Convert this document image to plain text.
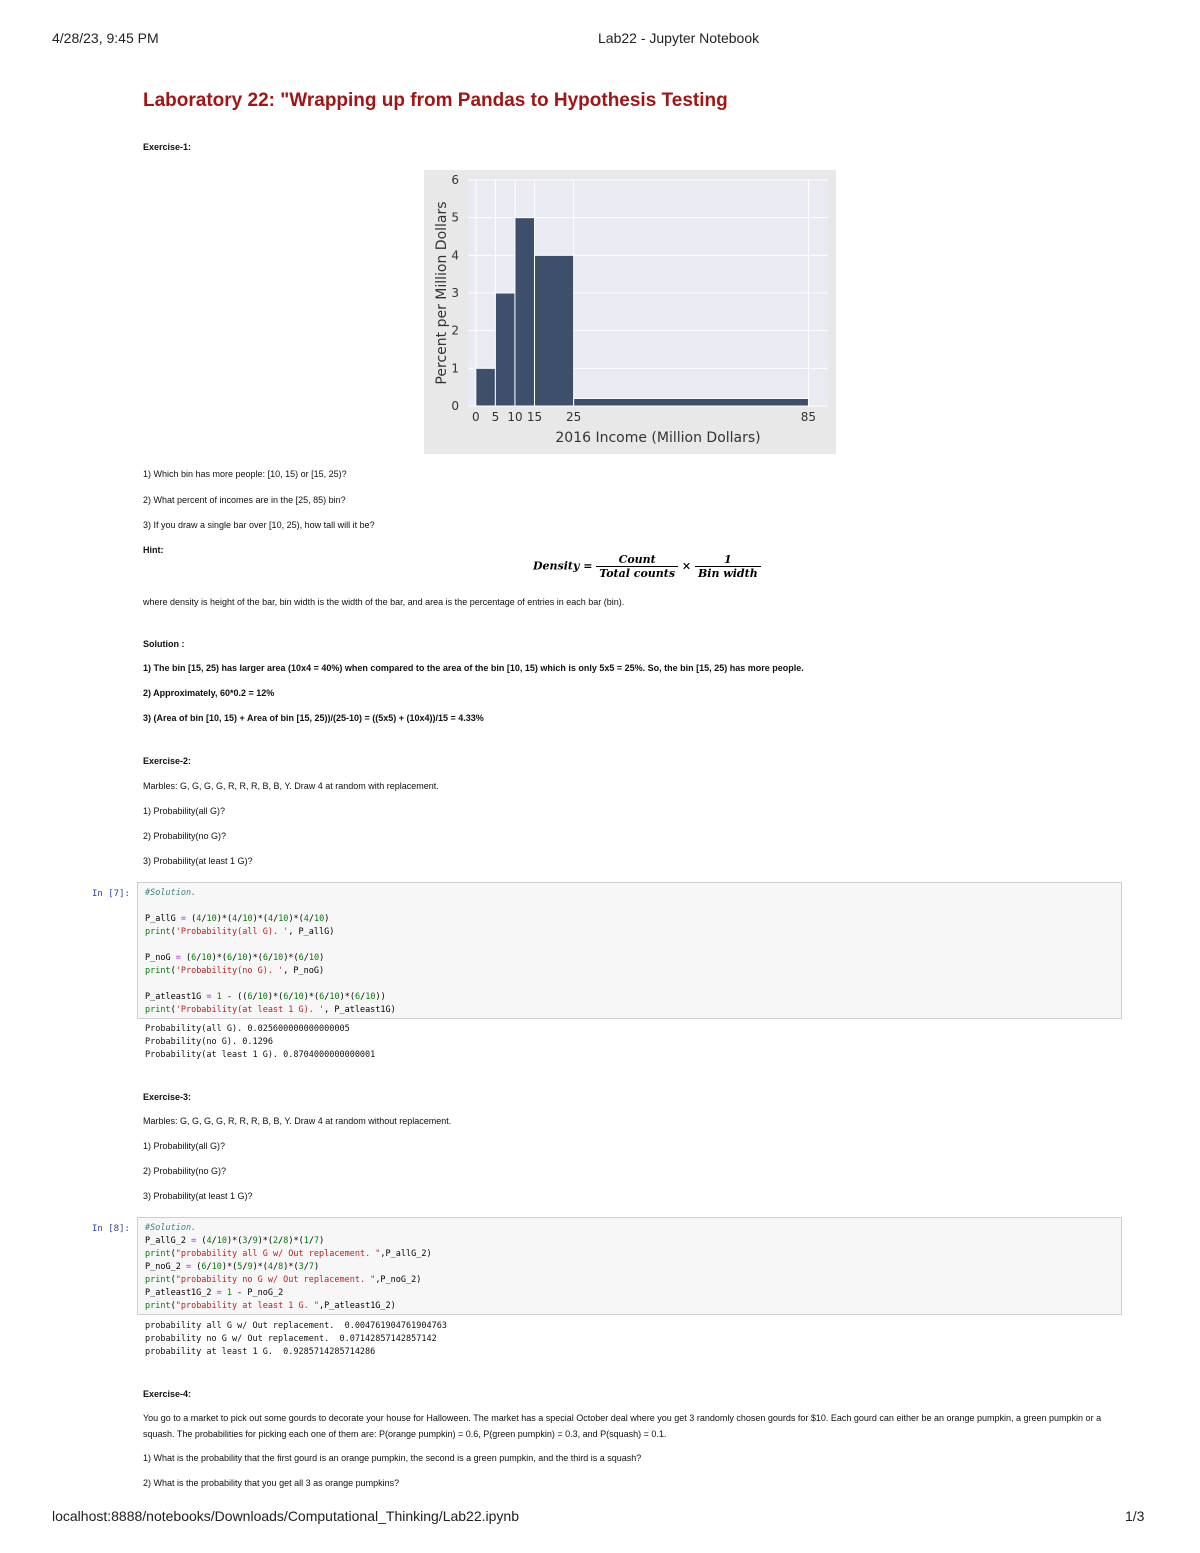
4/28/23, 9:45 PM	Lab22 - Jupyter Notebook
Laboratory 22: "Wrapping up from Pandas to Hypothesis Testing
Exercise-1:
0
1
2
3
4
5
6
0 5 10 15 25	85
2016 Income (Million Dollars)
Percent per Million Dollars
1) Which bin has more people: [10, 15) or [15, 25)?
2) What percent of incomes are in the [25, 85) bin?
3) If you draw a single bar over [10, 25), how tall will it be?
Hint:
Density = $\frac{\text{Count}}{\text{Total counts}} \times \frac{1}{\text{Bin width}}$
where density is height of the bar, bin width is the width of the bar, and area is the percentage of entries in each bar (bin).
Solution :
1) The bin [15, 25) has larger area (10x4 = 40%) when compared to the area of the bin [10, 15) which is only 5x5 = 25%. So, the bin [15, 25) has more people.
2) Approximately, 60*0.2 = 12%
3) (Area of bin [10, 15) + Area of bin [15, 25))/(25-10) = ((5x5) + (10x4))/15 = 4.33%
Exercise-2:
Marbles: G, G, G, G, R, R, R, B, B, Y. Draw 4 at random with replacement.
1) Probability(all G)?
2) Probability(no G)?
3) Probability(at least 1 G)?
In [7]: #Solution.

P_allG = (4/10)*(4/10)*(4/10)*(4/10)
print('Probability(all G). ', P_allG)

P_noG = (6/10)*(6/10)*(6/10)*(6/10)
print('Probability(no G). ', P_noG)

P_atleast1G = 1 - ((6/10)*(6/10)*(6/10)*(6/10))
print('Probability(at least 1 G). ', P_atleast1G)
Probability(all G). 0.025600000000000005
Probability(no G). 0.1296
Probability(at least 1 G). 0.8704000000000001
Exercise-3:
Marbles: G, G, G, G, R, R, R, B, B, Y. Draw 4 at random without replacement.
1) Probability(all G)?
2) Probability(no G)?
3) Probability(at least 1 G)?
In [8]: #Solution.
P_allG_2 = (4/10)*(3/9)*(2/8)*(1/7)
print("probability all G w/ Out replacement. ",P_allG_2)
P_noG_2 = (6/10)*(5/9)*(4/8)*(3/7)
print("probability no G w/ Out replacement. ",P_noG_2)
P_atleast1G_2 = 1 - P_noG_2
print("probability at least 1 G. ",P_atleast1G_2)
probability all G w/ Out replacement.  0.004761904761904763
probability no G w/ Out replacement.  0.07142857142857142
probability at least 1 G.  0.9285714285714286
Exercise-4:
You go to a market to pick out some gourds to decorate your house for Halloween. The market has a special October deal where you get 3 randomly chosen gourds for $10. Each gourd can either be an orange pumpkin, a green pumpkin or a squash. The probabilities for picking each one of them are: P(orange pumpkin) = 0.6, P(green pumpkin) = 0.3, and P(squash) = 0.1.
1) What is the probability that the first gourd is an orange pumpkin, the second is a green pumpkin, and the third is a squash?
2) What is the probability that you get all 3 as orange pumpkins?
localhost:8888/notebooks/Downloads/Computational_Thinking/Lab22.ipynb	1/3
